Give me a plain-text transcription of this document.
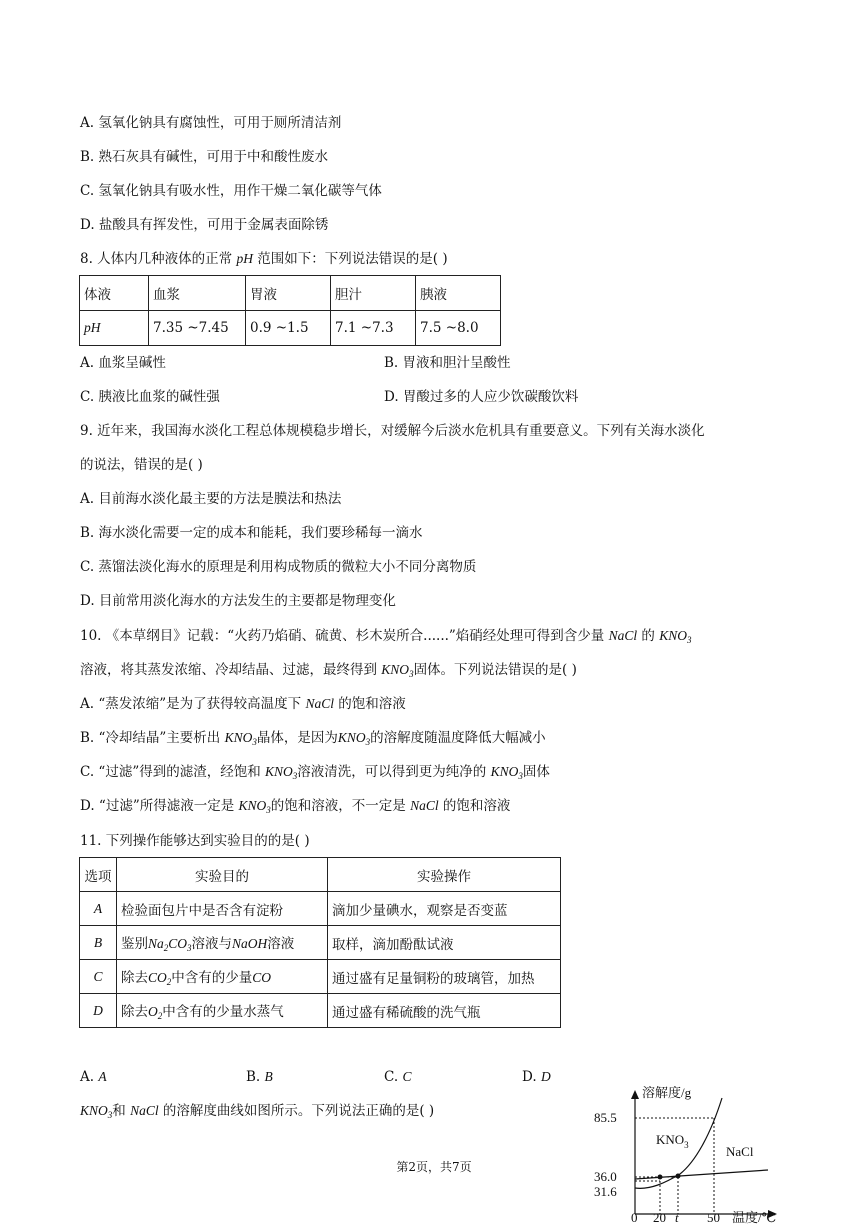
A. 氢氧化钠具有腐蚀性，可用于厕所清洁剂
B. 熟石灰具有碱性，可用于中和酸性废水
C. 氢氧化钠具有吸水性，用作干燥二氧化碳等气体
D. 盐酸具有挥发性，可用于金属表面除锈
8. 人体内几种液体的正常 pH 范围如下：下列说法错误的是( )
体液	血浆	胃液	胆汁	胰液
pH	7.35 ~7.45	0.9 ~1.5	7.1 ~7.3	7.5 ~8.0
A. 血浆呈碱性	B. 胃液和胆汁呈酸性
C. 胰液比血浆的碱性强	D. 胃酸过多的人应少饮碳酸饮料
9. 近年来，我国海水淡化工程总体规模稳步增长，对缓解今后淡水危机具有重要意义。下列有关海水淡化
的说法，错误的是( )
A. 目前海水淡化最主要的方法是膜法和热法
B. 海水淡化需要一定的成本和能耗，我们要珍稀每一滴水
C. 蒸馏法淡化海水的原理是利用构成物质的微粒大小不同分离物质
D. 目前常用淡化海水的方法发生的主要都是物理变化
10. 《本草纲目》记载：“火药乃焰硝、硫黄、杉木炭所合......”焰硝经处理可得到含少量 NaCl 的 $KNO_3$
溶液，将其蒸发浓缩、冷却结晶、过滤，最终得到 $KNO_3$固体。下列说法错误的是( )
A. “蒸发浓缩”是为了获得较高温度下 NaCl 的饱和溶液
B. “冷却结晶”主要析出 $KNO_3$晶体，是因为$KNO_3$的溶解度随温度降低大幅减小
C. “过滤”得到的滤渣，经饱和 $KNO_3$溶液清洗，可以得到更为纯净的 $KNO_3$固体
D. “过滤”所得滤液一定是 $KNO_3$的饱和溶液，不一定是 NaCl 的饱和溶液
11. 下列操作能够达到实验目的的是( )
选项	实验目的	实验操作
A	检验面包片中是否含有淀粉	滴加少量碘水，观察是否变蓝
B	鉴别$Na_2CO_3$溶液与NaOH溶液	取样，滴加酚酞试液
C	除去$CO_2$中含有的少量CO	通过盛有足量铜粉的玻璃管，加热
D	除去$O_2$中含有的少量水蒸气	通过盛有稀硫酸的洗气瓶
A. A	B. B	C. C	D. D
$KNO_3$和 NaCl 的溶解度曲线如图所示。下列说法正确的是( )
溶解度/g
85.5
36.0
31.6
0 20 t 50 温度/℃
$KNO_3$	NaCl
第2页，共7页
